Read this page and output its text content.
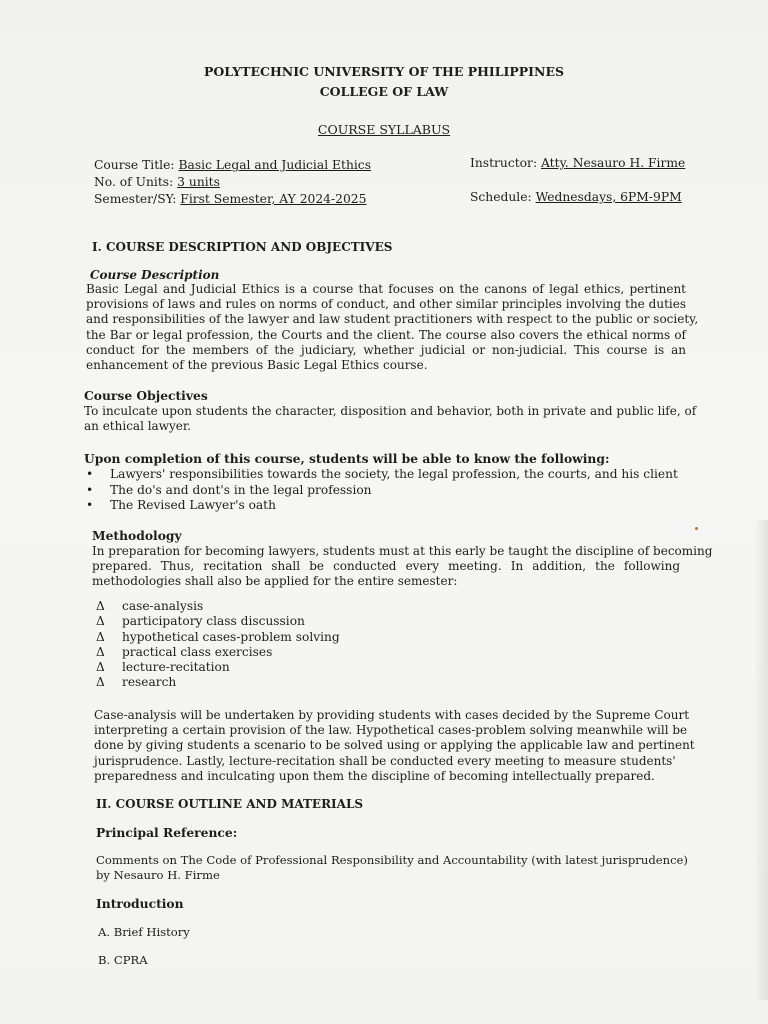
POLYTECHNIC UNIVERSITY OF THE PHILIPPINES
COLLEGE OF LAW
COURSE SYLLABUS
Course Title: Basic Legal and Judicial Ethics
No. of Units: 3 units
Semester/SY: First Semester, AY 2024-2025
Instructor: Atty. Nesauro H. Firme
Schedule: Wednesdays, 6PM-9PM
I. COURSE DESCRIPTION AND OBJECTIVES
Course Description
Basic Legal and Judicial Ethics is a course that focuses on the canons of legal ethics, pertinent
provisions of laws and rules on norms of conduct, and other similar principles involving the duties
and responsibilities of the lawyer and law student practitioners with respect to the public or society,
the Bar or legal profession, the Courts and the client. The course also covers the ethical norms of
conduct for the members of the judiciary, whether judicial or non-judicial. This course is an
enhancement of the previous Basic Legal Ethics course.
Course Objectives
To inculcate upon students the character, disposition and behavior, both in private and public life, of
an ethical lawyer.
Upon completion of this course, students will be able to know the following:
• Lawyers' responsibilities towards the society, the legal profession, the courts, and his client
• The do's and dont's in the legal profession
• The Revised Lawyer's oath
Methodology
In preparation for becoming lawyers, students must at this early be taught the discipline of becoming
prepared. Thus, recitation shall be conducted every meeting. In addition, the following
methodologies shall also be applied for the entire semester:
Δ case-analysis
Δ participatory class discussion
Δ hypothetical cases-problem solving
Δ practical class exercises
Δ lecture-recitation
Δ research
Case-analysis will be undertaken by providing students with cases decided by the Supreme Court
interpreting a certain provision of the law. Hypothetical cases-problem solving meanwhile will be
done by giving students a scenario to be solved using or applying the applicable law and pertinent
jurisprudence. Lastly, lecture-recitation shall be conducted every meeting to measure students'
preparedness and inculcating upon them the discipline of becoming intellectually prepared.
II. COURSE OUTLINE AND MATERIALS
Principal Reference:
Comments on The Code of Professional Responsibility and Accountability (with latest jurisprudence)
by Nesauro H. Firme
Introduction
A. Brief History
B. CPRA
